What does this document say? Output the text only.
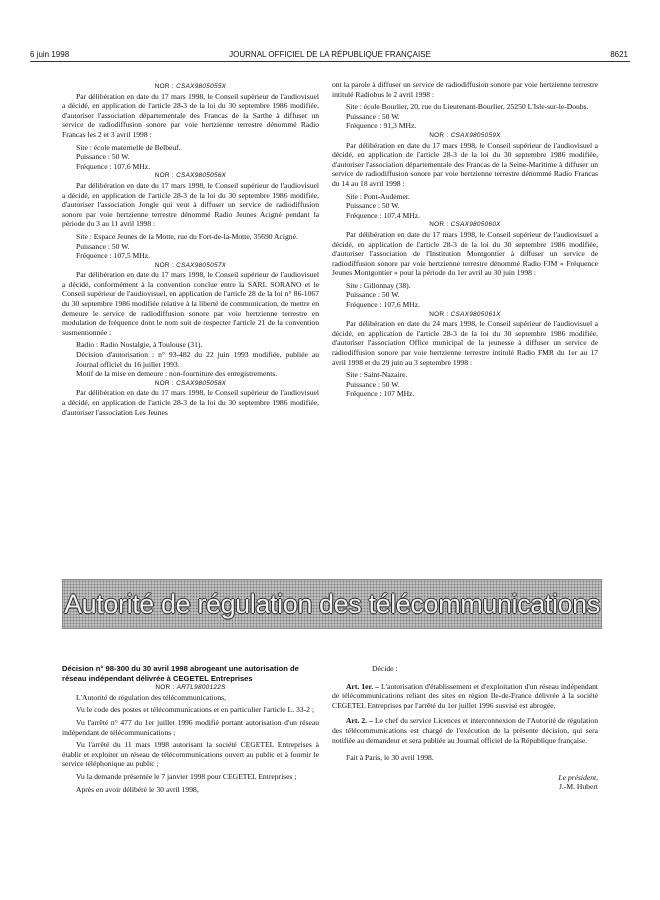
6 juin 1998	JOURNAL OFFICIEL DE LA RÉPUBLIQUE FRANÇAISE	8621

NOR : CSAX9805055X

Par délibération en date du 17 mars 1998, le Conseil supérieur de l'audiovisuel a décidé, en application de l'article 28-3 de la loi du 30 septembre 1986 modifiée, d'autoriser l'association départementale des Francas de la Sarthe à diffuser un service de radiodiffusion sonore par voie hertzienne terrestre dénommé Radio Francas les 2 et 3 avril 1998 :

Site : école maternelle de Belbeuf.
Puissance : 50 W.
Fréquence : 107,6 MHz.

NOR : CSAX9805056X

Par délibération en date du 17 mars 1998, le Conseil supérieur de l'audiovisuel a décidé, en application de l'article 28-3 de la loi du 30 septembre 1986 modifiée, d'autoriser l'association Jongle qui veut à diffuser un service de radiodiffusion sonore par voie hertzienne terrestre dénommé Radio Jeunes Acigné pendant la période du 3 au 11 avril 1998 :

Site : Espace Jeunes de la Motte, rue du Fort-de-la-Motte, 35690 Acigné.
Puissance : 50 W.
Fréquence : 107,5 MHz.

NOR : CSAX9805057X

Par délibération en date du 17 mars 1998, le Conseil supérieur de l'audiovisuel a décidé, conformément à la convention conclue entre la SARL SORANO et le Conseil supérieur de l'audiovisuel, en application de l'article 28 de la loi n° 86-1067 du 30 septembre 1986 modifiée relative à la liberté de communication, de mettre en demeure le service de radiodiffusion sonore par voie hertzienne terrestre en modulation de fréquence dont le nom suit de respecter l'article 21 de la convention susmentionnée :

Radio : Radio Nostalgie, à Toulouse (31).
Décision d'autorisation : n° 93-482 du 22 juin 1993 modifiée, publiée au Journal officiel du 16 juillet 1993.
Motif de la mise en demeure : non-fourniture des enregistrements.

NOR : CSAX9805058X

Par délibération en date du 17 mars 1998, le Conseil supérieur de l'audiovisuel a décidé, en application de l'article 28-3 de la loi du 30 septembre 1986 modifiée, d'autoriser l'association Les Jeunes

ont la parole à diffuser un service de radiodiffusion sonore par voie hertzienne terrestre intitulé Radiobus le 2 avril 1998 :

Site : école Bourlier, 20, rue du Lieutenant-Bourlier, 25250 L'Isle-sur-le-Doubs.
Puissance : 50 W.
Fréquence : 91,3 MHz.

NOR : CSAX9805059X

Par délibération en date du 17 mars 1998, le Conseil supérieur de l'audiovisuel a décidé, en application de l'article 28-3 de la loi du 30 septembre 1986 modifiée, d'autoriser l'association départementale des Francas de la Seine-Maritime à diffuser un service de radiodiffusion sonore par voie hertzienne terrestre dénommé Radio Francas du 14 au 18 avril 1998 :

Site : Pont-Audemer.
Puissance : 50 W.
Fréquence : 107,4 MHz.

NOR : CSAX9805060X

Par délibération en date du 17 mars 1998, le Conseil supérieur de l'audiovisuel a décidé, en application de l'article 28-3 de la loi du 30 septembre 1986 modifiée, d'autoriser l'association de l'Institution Montgontier à diffuser un service de radiodiffusion sonore par voie hertzienne terrestre dénommé Radio FJM « Fréquence Jeunes Montgontier » pour la période du 1er avril au 30 juin 1998 :

Site : Gillonnay (38).
Puissance : 50 W.
Fréquence : 107,6 MHz.

NOR : CSAX9805061X

Par délibération en date du 24 mars 1998, le Conseil supérieur de l'audiovisuel a décidé, en application de l'article 28-3 de la loi du 30 septembre 1986 modifiée, d'autoriser l'association Office municipal de la jeunesse à diffuser un service de radiodiffusion sonore par voie hertzienne terrestre intitulé Radio FMR du 1er au 17 avril 1998 et du 29 juin au 3 septembre 1998 :

Site : Saint-Nazaire.
Puissance : 50 W.
Fréquence : 107 MHz.
Autorité de régulation des télécommunications

Décision n° 98-300 du 30 avril 1998 abrogeant une autorisation de réseau indépendant délivrée à CEGETEL Entreprises

NOR : ARTL9800122S

L'Autorité de régulation des télécommunications,

Vu le code des postes et télécommunications et en particulier l'article L. 33-2 ;

Vu l'arrêté n° 477 du 1er juillet 1996 modifié portant autorisation d'un réseau indépendant de télécommunications ;

Vu l'arrêté du 11 mars 1998 autorisant la société CEGETEL Entreprises à établir et exploiter un réseau de télécommunications ouvert au public et à fournir le service téléphonique au public ;

Vu la demande présentée le 7 janvier 1998 pour CEGETEL Entreprises ;

Après en avoir délibéré le 30 avril 1998,

Décide :

Art. 1er. – L'autorisation d'établissement et d'exploitation d'un réseau indépendant de télécommunications reliant des sites en région Ile-de-France délivrée à la société CEGETEL Entreprises par l'arrêté du 1er juillet 1996 susvisé est abrogée.

Art. 2. – Le chef du service Licences et interconnexion de l'Autorité de régulation des télécommunications est chargé de l'exécution de la présente décision, qui sera notifiée au demandeur et sera publiée au Journal officiel de la République française.

Fait à Paris, le 30 avril 1998.

Le président,

J.-M. Hubert
